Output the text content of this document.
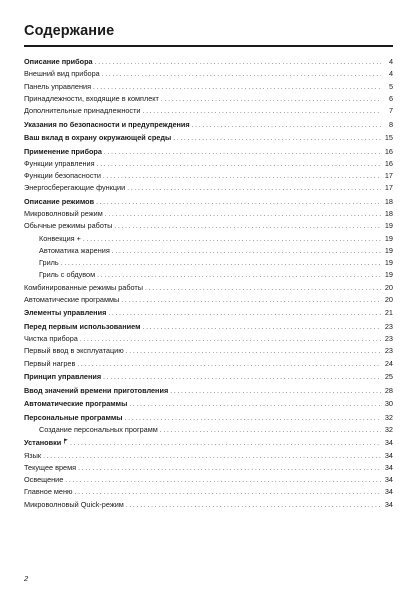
Содержание
Описание прибора . . .	4
Внешний вид прибора . . .	4
Панель управления . . .	5
Принадлежности, входящие в комплект . . .	6
Дополнительные принадлежности . . .	7
Указания по безопасности и предупреждения . . .	8
Ваш вклад в охрану окружающей среды . . .	15
Применение прибора . . .	16
Функции управления . . .	16
Функции безопасности . . .	17
Энергосберегающие функции . . .	17
Описание режимов . . .	18
Микроволновый режим . . .	18
Обычные режимы работы . . .	19
Конвекция + . . .	19
Автоматика жарения . . .	19
Гриль . . .	19
Гриль с обдувом . . .	19
Комбинированные режимы работы . . .	20
Автоматические программы . . .	20
Элементы управления . . .	21
Перед первым использованием . . .	23
Чистка прибора . . .	23
Первый ввод в эксплуатацию . . .	23
Первый нагрев . . .	24
Принцип управления . . .	25
Ввод значений времени приготовления . . .	28
Автоматические программы . . .	30
Персональные программы . . .	32
Создание персональных программ . . .	32
Установки . . .	34
Язык . . .	34
Текущее время . . .	34
Освещение . . .	34
Главное меню . . .	34
Микроволновый Quick-режим . . .	34
2
